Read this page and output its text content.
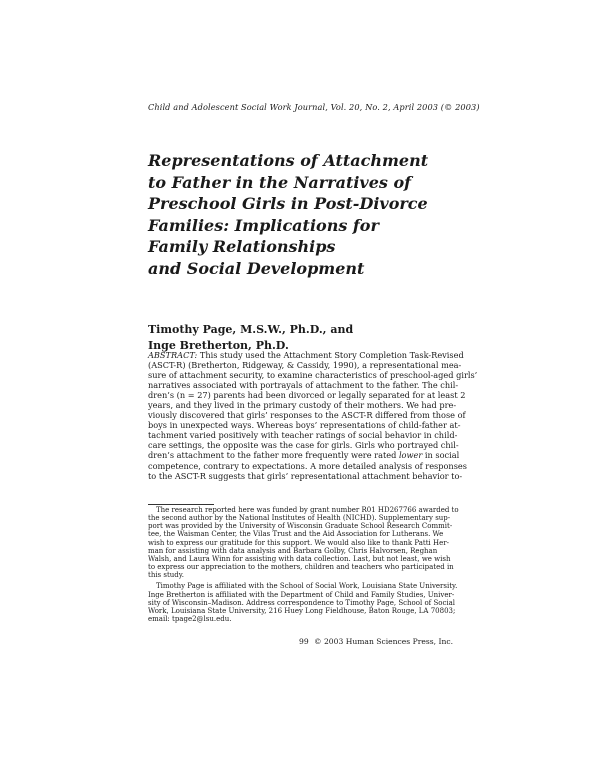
Child and Adolescent Social Work Journal, Vol. 20, No. 2, April 2003 (© 2003)
Representations of Attachment
to Father in the Narratives of
Preschool Girls in Post-Divorce
Families: Implications for
Family Relationships
and Social Development
Timothy Page, M.S.W., Ph.D., and
Inge Bretherton, Ph.D.
ABSTRACT: This study used the Attachment Story Completion Task-Revised
(ASCT-R) (Bretherton, Ridgeway, & Cassidy, 1990), a representational mea-
sure of attachment security, to examine characteristics of preschool-aged girls’
narratives associated with portrayals of attachment to the father. The chil-
dren’s (n = 27) parents had been divorced or legally separated for at least 2
years, and they lived in the primary custody of their mothers. We had pre-
viously discovered that girls’ responses to the ASCT-R differed from those of
boys in unexpected ways. Whereas boys’ representations of child-father at-
tachment varied positively with teacher ratings of social behavior in child-
care settings, the opposite was the case for girls. Girls who portrayed chil-
dren’s attachment to the father more frequently were rated lower in social
competence, contrary to expectations. A more detailed analysis of responses
to the ASCT-R suggests that girls’ representational attachment behavior to-
The research reported here was funded by grant number R01 HD267766 awarded to
the second author by the National Institutes of Health (NICHD). Supplementary sup-
port was provided by the University of Wisconsin Graduate School Research Commit-
tee, the Waisman Center, the Vilas Trust and the Aid Association for Lutherans. We
wish to express our gratitude for this support. We would also like to thank Patti Her-
man for assisting with data analysis and Barbara Golby, Chris Halvorsen, Reghan
Walsh, and Laura Winn for assisting with data collection. Last, but not least, we wish
to express our appreciation to the mothers, children and teachers who participated in
this study.
Timothy Page is affiliated with the School of Social Work, Louisiana State University.
Inge Bretherton is affiliated with the Department of Child and Family Studies, Univer-
sity of Wisconsin–Madison. Address correspondence to Timothy Page, School of Social
Work, Louisiana State University, 216 Huey Long Fieldhouse, Baton Rouge, LA 70803;
email: tpage2@lsu.edu.
99 © 2003 Human Sciences Press, Inc.
